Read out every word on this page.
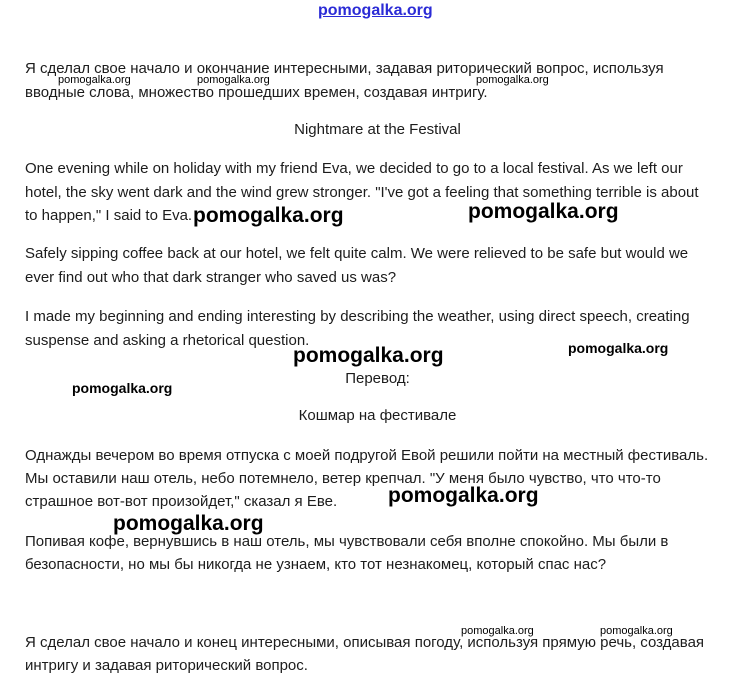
pomogalka.org

Я сделал свое начало и окончание интересными, задавая риторический вопрос, используя

вводные слова, множество прошедших времен, создавая интригу.

Nightmare at the Festival

One evening while on holiday with my friend Eva, we decided to go to a local festival. As we left our

hotel, the sky went dark and the wind grew stronger. "I've got a feeling that something terrible is about

to happen," I said to Eva.

Safely sipping coffee back at our hotel, we felt quite calm. We were relieved to be safe but would we

ever find out who that dark stranger who saved us was?

I made my beginning and ending interesting by describing the weather, using direct speech, creating

suspense and asking a rhetorical question.

Перевод:
Кошмар на фестивале

Однажды вечером во время отпуска с моей подругой Евой решили пойти на местный фестиваль.

Мы оставили наш отель, небо потемнело, ветер крепчал. "У меня было чувство, что что-то

страшное вот-вот произойдет," сказал я Еве.

Попивая кофе, вернувшись в наш отель, мы чувствовали себя вполне спокойно. Мы были в

безопасности, но мы бы никогда не узнаем, кто тот незнакомец, который спас нас?

Я сделал свое начало и конец интересными, описывая погоду, используя прямую речь, создавая

интригу и задавая риторический вопрос.

pomogalka.org	pomogalka.org	pomogalka.org
pomogalka.org	pomogalka.org
pomogalka.org	pomogalka.org
pomogalka.org
pomogalka.org
pomogalka.org
pomogalka.org	pomogalka.org
